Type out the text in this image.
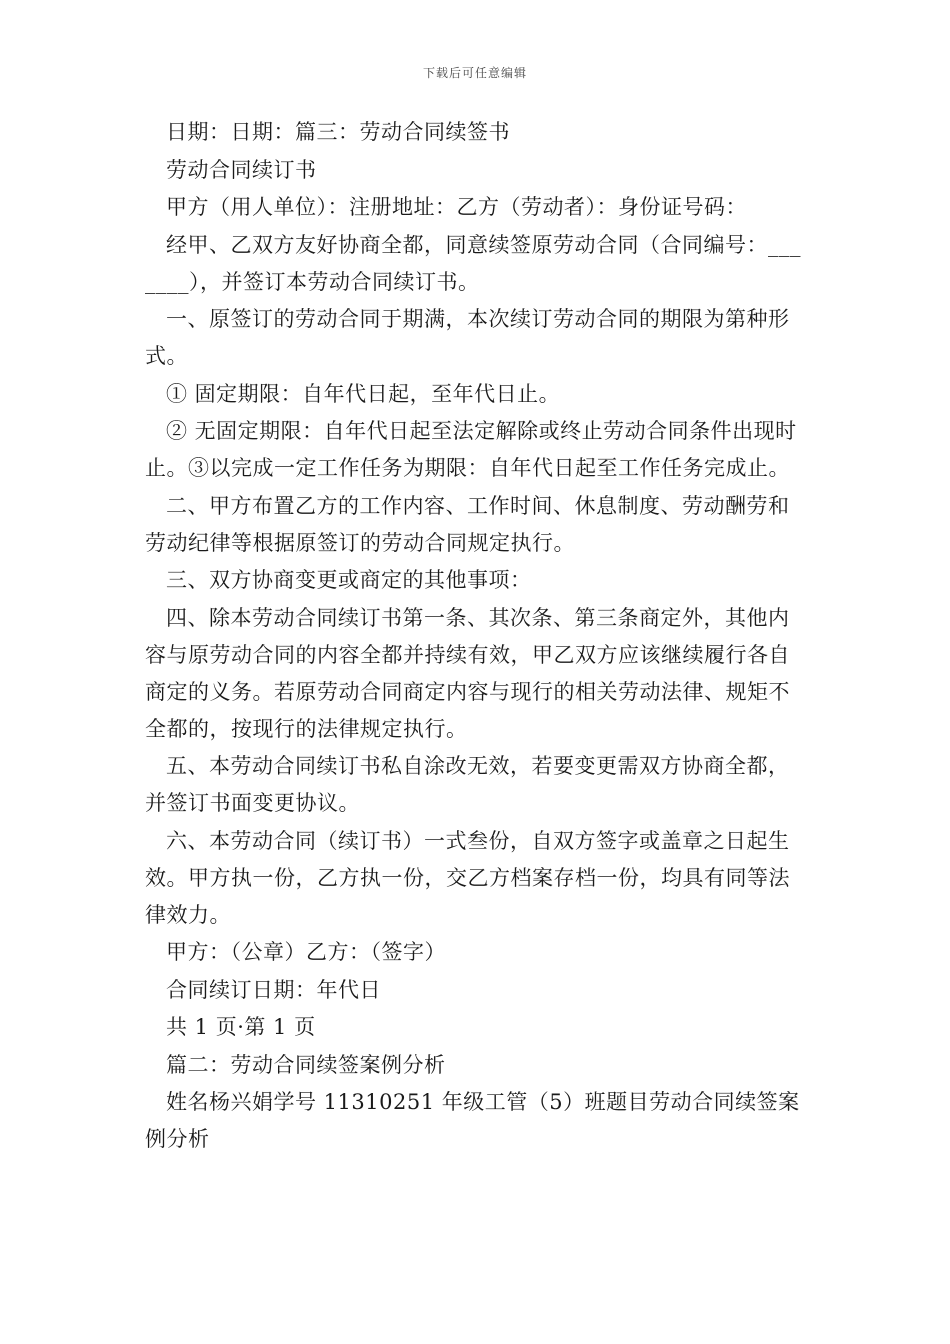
下载后可任意编辑

日期：日期：篇三：劳动合同续签书

劳动合同续订书

甲方（用人单位）：注册地址：乙方（劳动者）：身份证号码：

经甲、乙双方友好协商全都，同意续签原劳动合同（合同编号：_______），并签订本劳动合同续订书。

一、原签订的劳动合同于期满，本次续订劳动合同的期限为第种形式。

① 固定期限：自年代日起，至年代日止。

② 无固定期限：自年代日起至法定解除或终止劳动合同条件出现时止。③以完成一定工作任务为期限：自年代日起至工作任务完成止。

二、甲方布置乙方的工作内容、工作时间、休息制度、劳动酬劳和劳动纪律等根据原签订的劳动合同规定执行。

三、双方协商变更或商定的其他事项：

四、除本劳动合同续订书第一条、其次条、第三条商定外，其他内容与原劳动合同的内容全都并持续有效，甲乙双方应该继续履行各自商定的义务。若原劳动合同商定内容与现行的相关劳动法律、规矩不全都的，按现行的法律规定执行。

五、本劳动合同续订书私自涂改无效，若要变更需双方协商全都，并签订书面变更协议。

六、本劳动合同（续订书）一式叁份，自双方签字或盖章之日起生效。甲方执一份，乙方执一份，交乙方档案存档一份，均具有同等法律效力。

甲方：（公章）乙方：（签字）

合同续订日期：年代日

共 1 页·第 1 页

篇二：劳动合同续签案例分析

姓名杨兴娟学号 11310251 年级工管（5）班题目劳动合同续签案例分析
